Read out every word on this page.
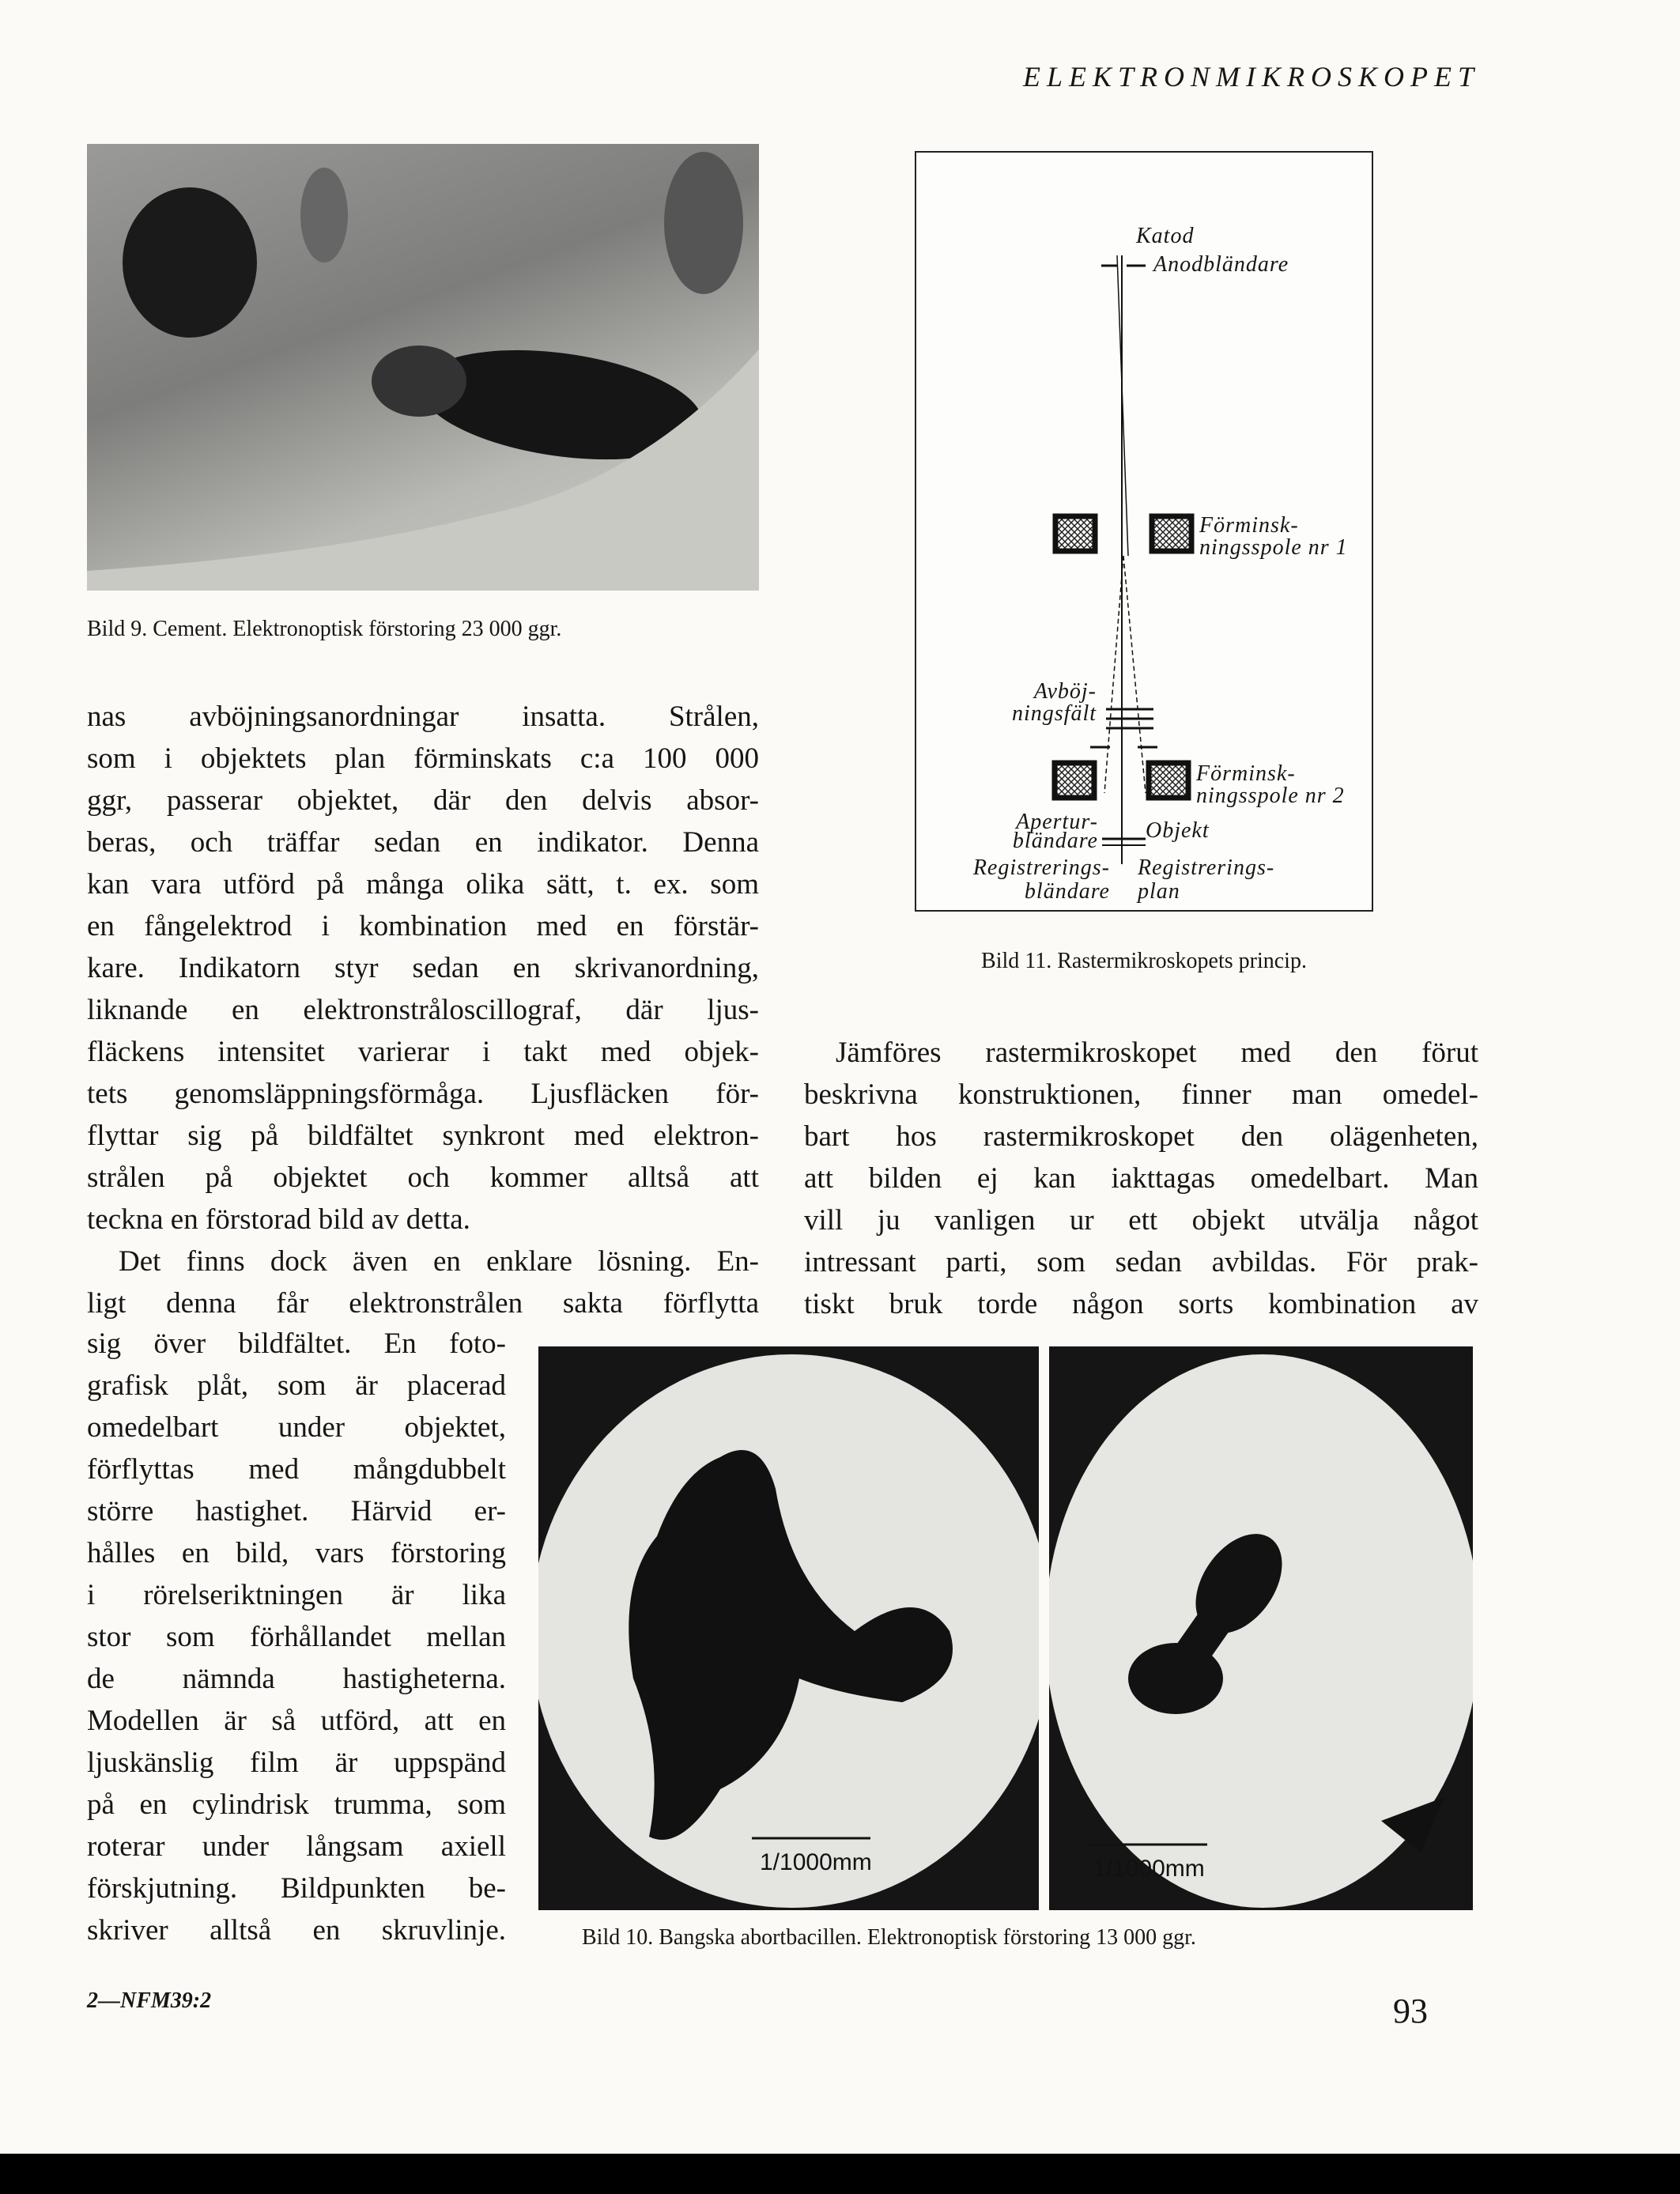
ELEKTRONMIKROSKOPET
Bild 9. Cement. Elektronoptisk förstoring 23 000 ggr.
nas avböjningsanordningar insatta. Strålen,
som i objektets plan förminskats c:a 100 000
ggr, passerar objektet, där den delvis absor-
beras, och träffar sedan en indikator. Denna
kan vara utförd på många olika sätt, t. ex. som
en fångelektrod i kombination med en förstär-
kare. Indikatorn styr sedan en skrivanordning,
liknande en elektronstråloscillograf, där ljus-
fläckens intensitet varierar i takt med objek-
tets genomsläppningsförmåga. Ljusfläcken för-
flyttar sig på bildfältet synkront med elektron-
strålen på objektet och kommer alltså att
teckna en förstorad bild av detta.
Det finns dock även en enklare lösning. En-
ligt denna får elektronstrålen sakta förflytta
sig över bildfältet. En foto-
grafisk plåt, som är placerad
omedelbart under objektet,
förflyttas med mångdubbelt
större hastighet. Härvid er-
hålles en bild, vars förstoring
i rörelseriktningen är lika
stor som förhållandet mellan
de nämnda hastigheterna.
Modellen är så utförd, att en
ljuskänslig film är uppspänd
på en cylindrisk trumma, som
roterar under långsam axiell
förskjutning. Bildpunkten be-
skriver alltså en skruvlinje.
Katod
Anodbländare
Förminsk-
ningsspole nr 1
Avböj-
ningsfält
Förminsk-
ningsspole nr 2
Apertur-
bländare Objekt
Registrerings-
bländare
Registrerings-
plan
Bild 11. Rastermikroskopets princip.
Jämföres rastermikroskopet med den förut
beskrivna konstruktionen, finner man omedel-
bart hos rastermikroskopet den olägenheten,
att bilden ej kan iakttagas omedelbart. Man
vill ju vanligen ur ett objekt utvälja något
intressant parti, som sedan avbildas. För prak-
tiskt bruk torde någon sorts kombination av
1/1000mm	1/1000mm
Bild 10. Bangska abortbacillen. Elektronoptisk förstoring 13 000 ggr.
2—NFM39:2	93
